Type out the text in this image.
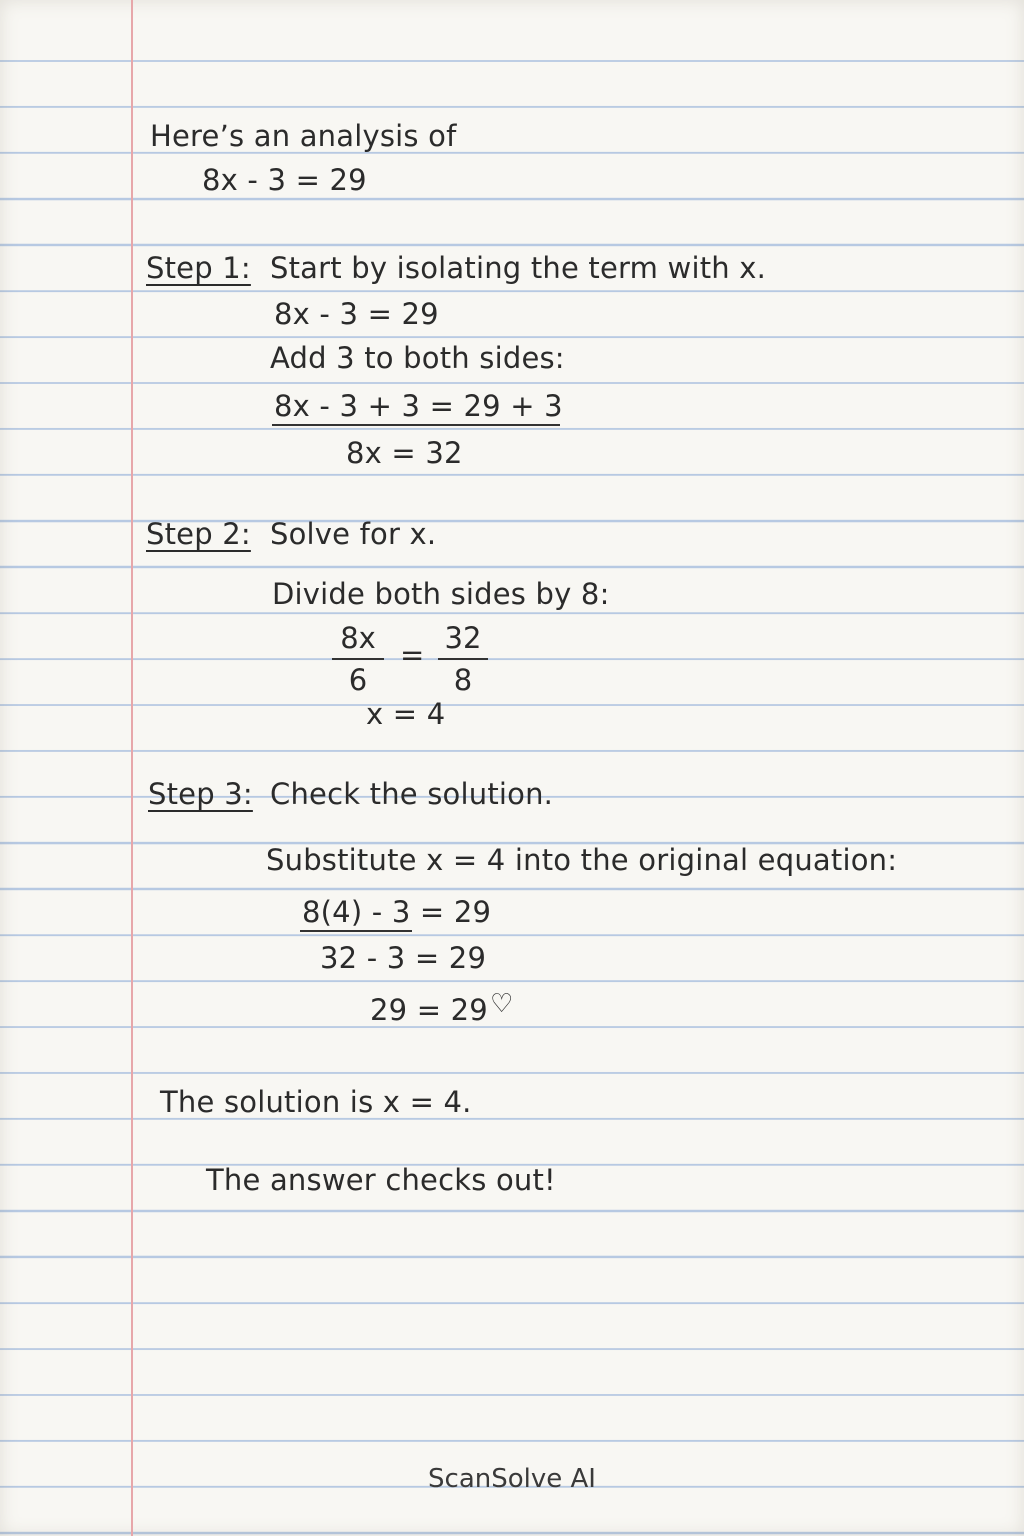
Here’s an analysis of
8x - 3 = 29
Step 1: Start by isolating the term with x.
8x - 3 = 29
Add 3 to both sides:
8x - 3 + 3 = 29 + 3
8x = 32
Step 2: Solve for x.
Divide both sides by 8:
8x
6
= 32
8
x = 4
Step 3: Check the solution.
Substitute x = 4 into the original equation:
8(4) - 3 = 29
32 - 3 = 29
29 = 29♡
The solution is x = 4.
The answer checks out!
ScanSolve AI
